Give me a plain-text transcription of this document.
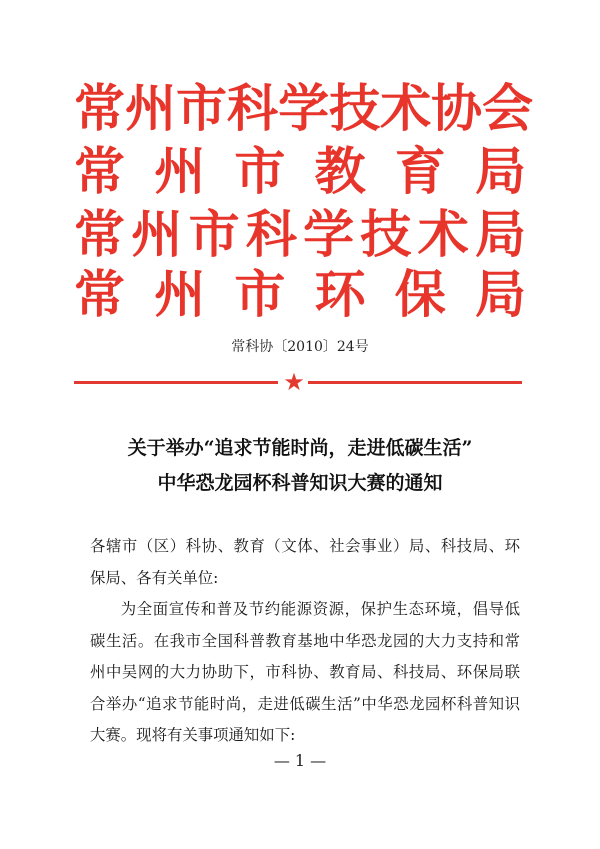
常 州 市 科 学 技 术 协 会
常 州 市 教 育 局
常 州 市 科 学 技 术 局
常 州 市 环 保 局
常科协〔2010〕24号
★
关于举办“追求节能时尚，走进低碳生活”
中华恐龙园杯科普知识大赛的通知

各辖市（区）科协、教育（文体、社会事业）局、科技局、环保局、各有关单位:

为全面宣传和普及节约能源资源，保护生态环境，倡导低碳生活。在我市全国科普教育基地中华恐龙园的大力支持和常州中吴网的大力协助下，市科协、教育局、科技局、环保局联合举办“追求节能时尚，走进低碳生活”中华恐龙园杯科普知识大赛。现将有关事项通知如下:

— 1 —
